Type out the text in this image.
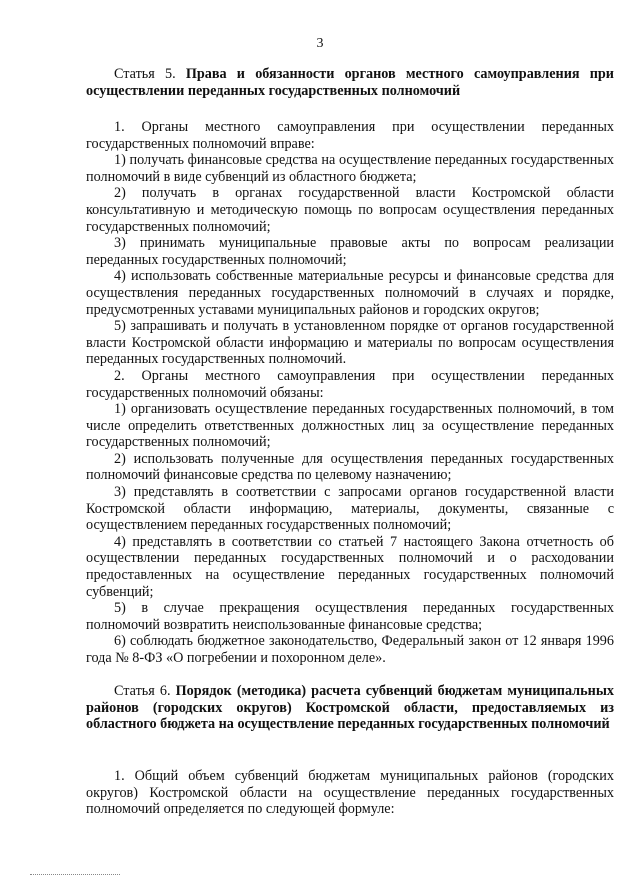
3

Статья 5. Права и обязанности органов местного самоуправления при осуществлении переданных государственных полномочий

1. Органы местного самоуправления при осуществлении переданных государственных полномочий вправе:

1) получать финансовые средства на осуществление переданных государственных полномочий в виде субвенций из областного бюджета;

2) получать в органах государственной власти Костромской области консультативную и методическую помощь по вопросам осуществления переданных государственных полномочий;

3) принимать муниципальные правовые акты по вопросам реализации переданных государственных полномочий;

4) использовать собственные материальные ресурсы и финансовые средства для осуществления переданных государственных полномочий в случаях и порядке, предусмотренных уставами муниципальных районов и городских округов;

5) запрашивать и получать в установленном порядке от органов государственной власти Костромской области информацию и материалы по вопросам осуществления переданных государственных полномочий.

2. Органы местного самоуправления при осуществлении переданных государственных полномочий обязаны:

1) организовать осуществление переданных государственных полномочий, в том числе определить ответственных должностных лиц за осуществление переданных государственных полномочий;

2) использовать полученные для осуществления переданных государственных полномочий финансовые средства по целевому назначению;

3) представлять в соответствии с запросами органов государственной власти Костромской области информацию, материалы, документы, связанные с осуществлением переданных государственных полномочий;

4) представлять в соответствии со статьей 7 настоящего Закона отчетность об осуществлении переданных государственных полномочий и о расходовании предоставленных на осуществление переданных государственных полномочий субвенций;

5) в случае прекращения осуществления переданных государственных полномочий возвратить неиспользованные финансовые средства;

6) соблюдать бюджетное законодательство, Федеральный закон от 12 января 1996 года № 8-ФЗ «О погребении и похоронном деле».

Статья 6. Порядок (методика) расчета субвенций бюджетам муниципальных районов (городских округов) Костромской области, предоставляемых из областного бюджета на осуществление переданных государственных полномочий

1. Общий объем субвенций бюджетам муниципальных районов (городских округов) Костромской области на осуществление переданных государственных полномочий определяется по следующей формуле:
